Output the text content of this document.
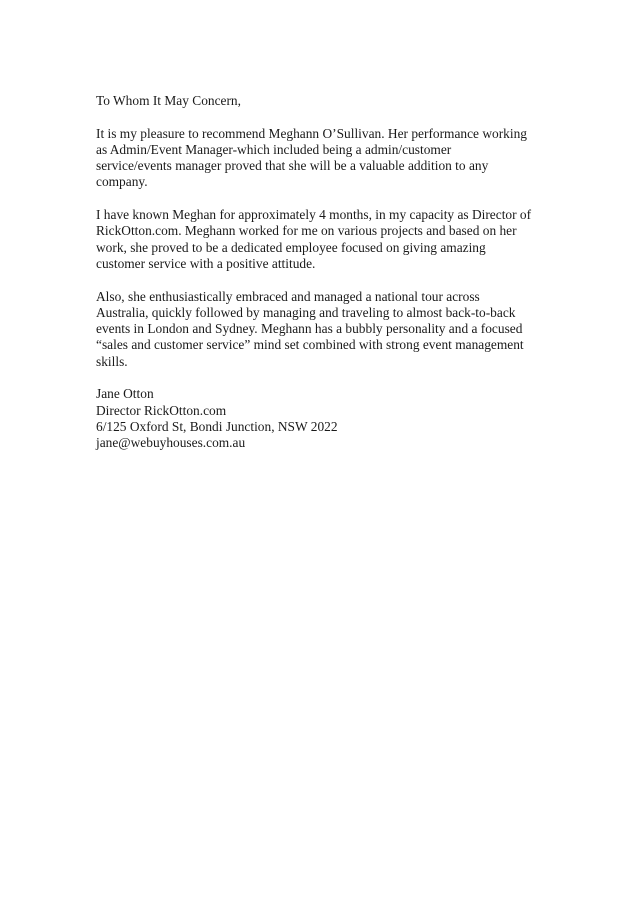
To Whom It May Concern,
It is my pleasure to recommend Meghann O’Sullivan. Her performance working
as Admin/Event Manager-which included being a admin/customer
service/events manager proved that she will be a valuable addition to any
company.
I have known Meghan for approximately 4 months, in my capacity as Director of
RickOtton.com. Meghann worked for me on various projects and based on her
work, she proved to be a dedicated employee focused on giving amazing
customer service with a positive attitude.
Also, she enthusiastically embraced and managed a national tour across
Australia, quickly followed by managing and traveling to almost back-to-back
events in London and Sydney. Meghann has a bubbly personality and a focused
“sales and customer service” mind set combined with strong event management
skills.
Jane Otton
Director RickOtton.com
6/125 Oxford St, Bondi Junction, NSW 2022
jane@webuyhouses.com.au
